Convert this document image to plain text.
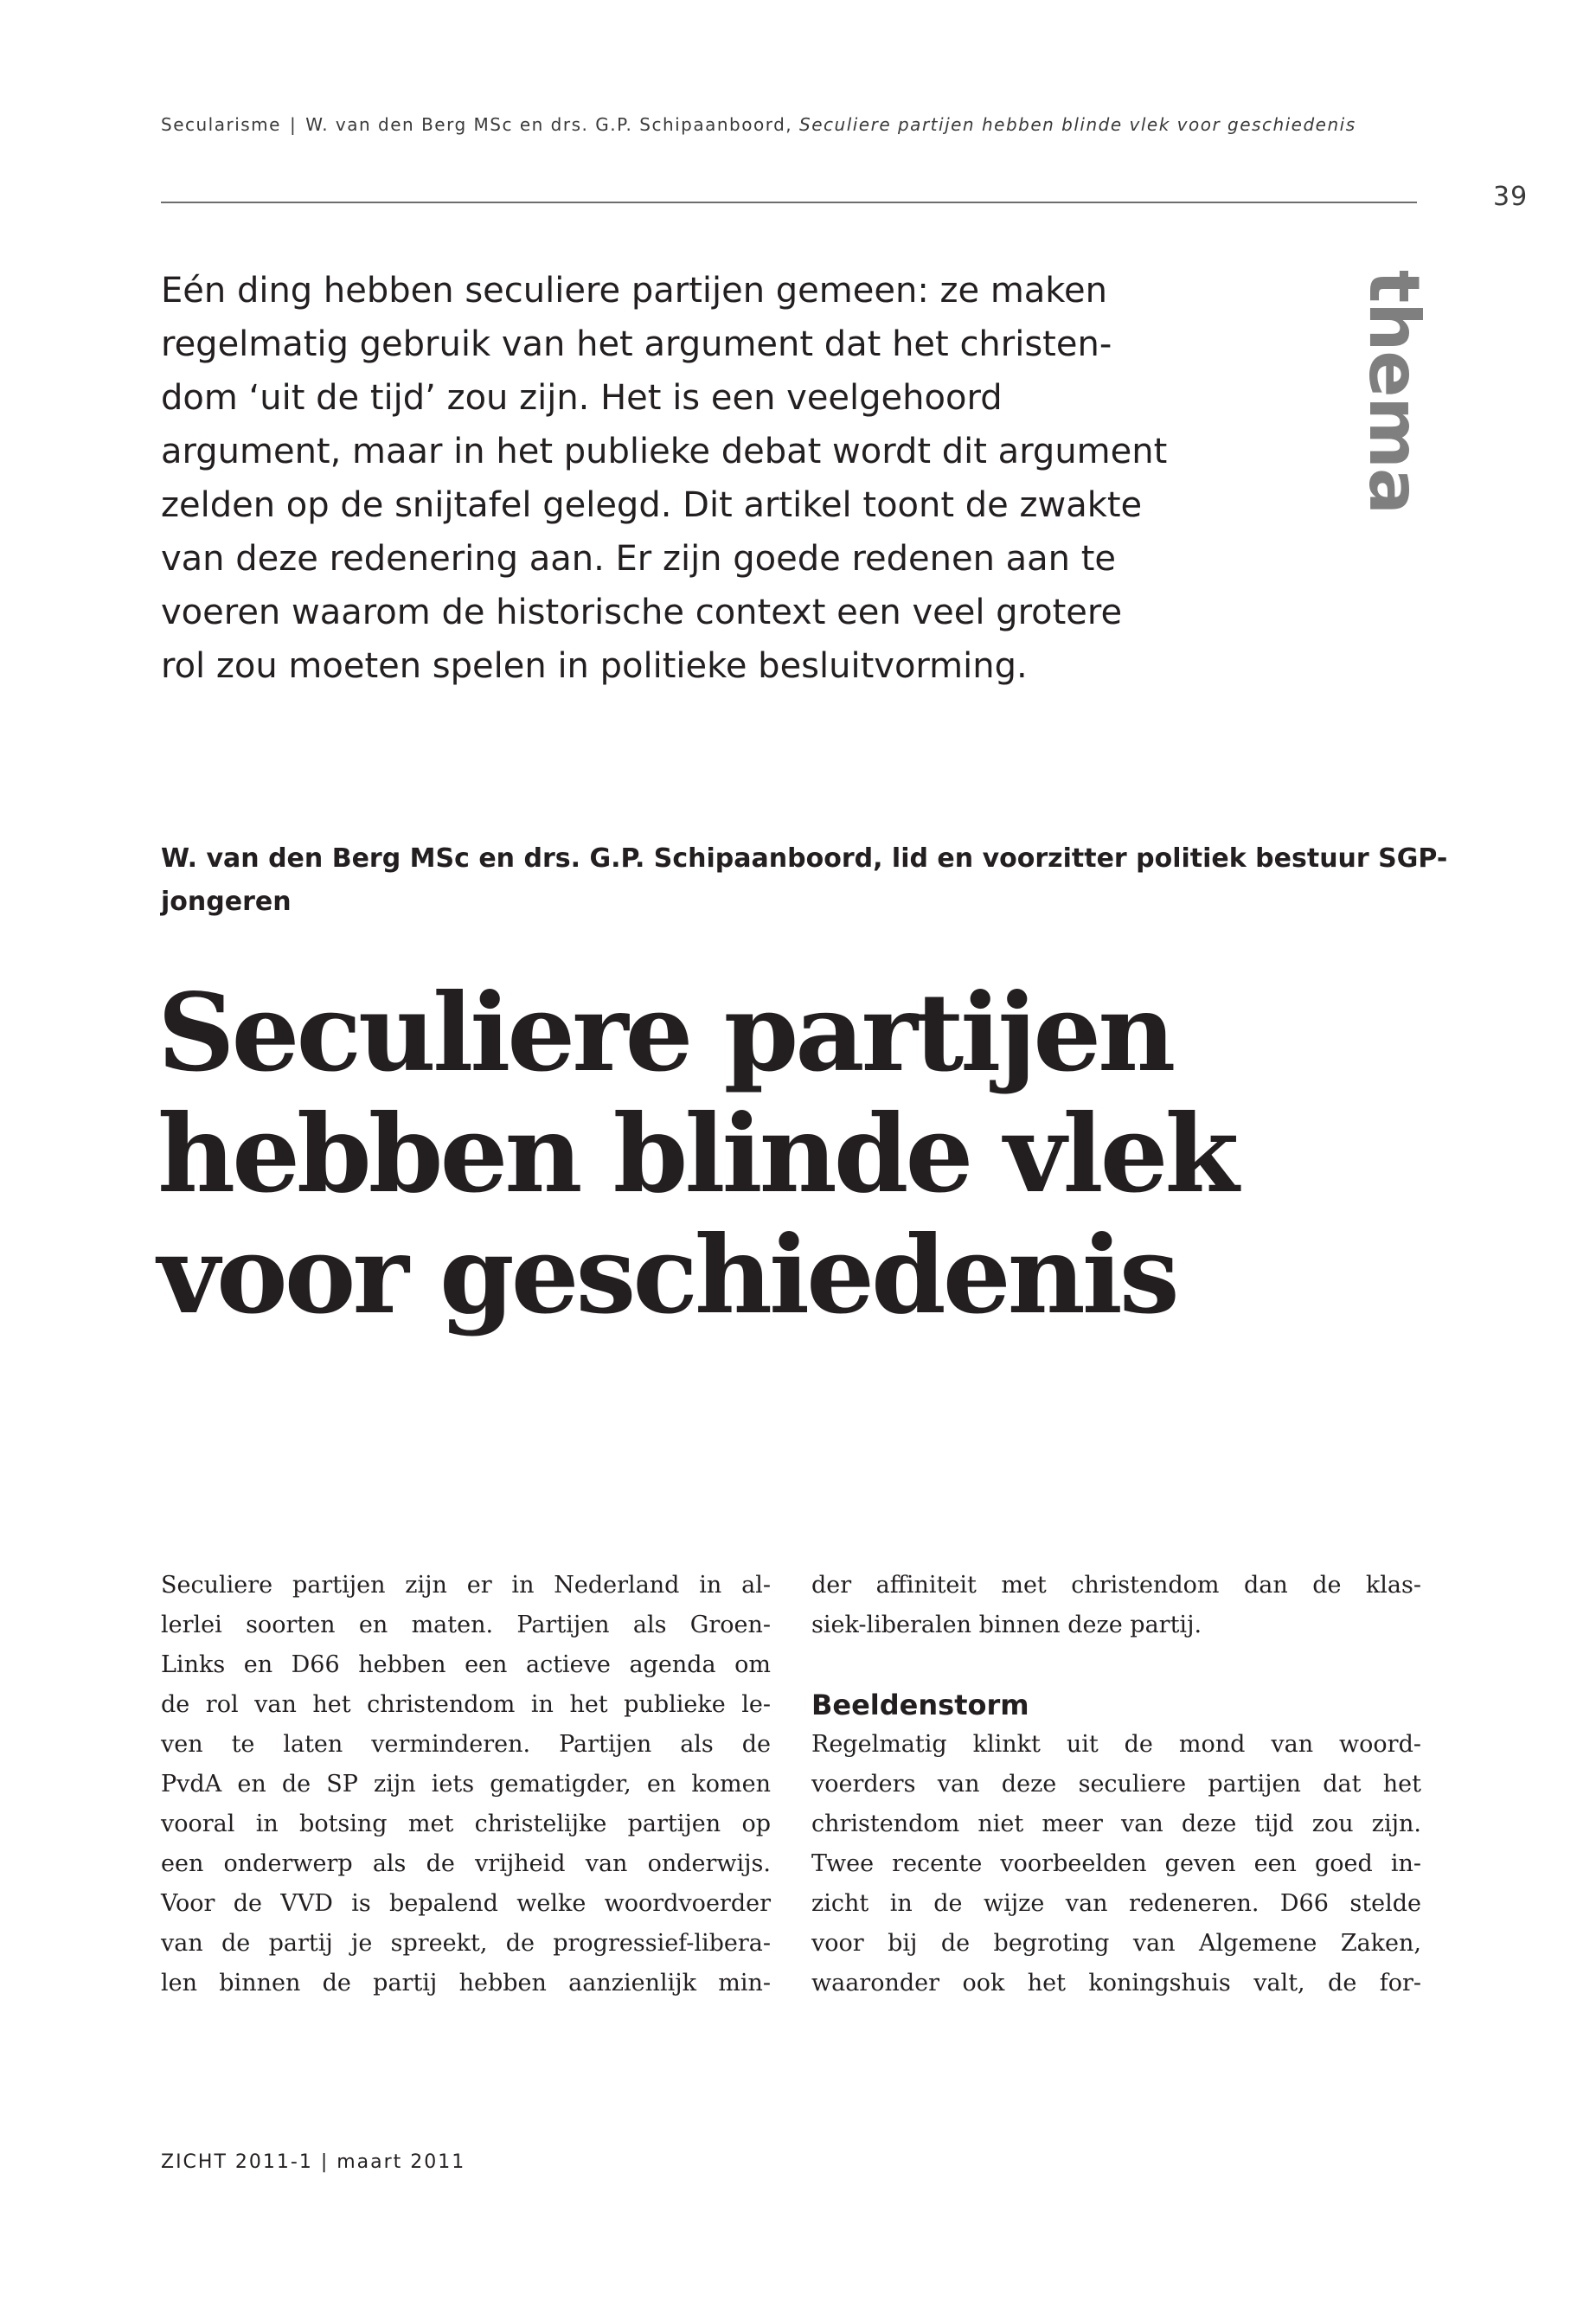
Secularisme | W. van den Berg MSc en drs. G.P. Schipaanboord, Seculiere partijen hebben blinde vlek voor geschiedenis
39
thema

Eén ding hebben seculiere partijen gemeen: ze maken
regelmatig gebruik van het argument dat het christen-
dom ‘uit de tijd’ zou zijn. Het is een veelgehoord
argument, maar in het publieke debat wordt dit argument
zelden op de snijtafel gelegd. Dit artikel toont de zwakte
van deze redenering aan. Er zijn goede redenen aan te
voeren waarom de historische context een veel grotere
rol zou moeten spelen in politieke besluitvorming.

W. van den Berg MSc en drs. G.P. Schipaanboord, lid en voorzitter politiek bestuur SGP-
jongeren

Seculiere partijen
hebben blinde vlek
voor geschiedenis
Seculiere partijen zijn er in Nederland in al-
lerlei soorten en maten. Partijen als Groen-
Links en D66 hebben een actieve agenda om
de rol van het christendom in het publieke le-
ven te laten verminderen. Partijen als de
PvdA en de SP zijn iets gematigder, en komen
vooral in botsing met christelijke partijen op
een onderwerp als de vrijheid van onderwijs.
Voor de VVD is bepalend welke woordvoerder
van de partij je spreekt, de progressief-libera-
len binnen de partij hebben aanzienlijk min-
der affiniteit met christendom dan de klas-
siek-liberalen binnen deze partij.
Beeldenstorm
Regelmatig klinkt uit de mond van woord-
voerders van deze seculiere partijen dat het
christendom niet meer van deze tijd zou zijn.
Twee recente voorbeelden geven een goed in-
zicht in de wijze van redeneren. D66 stelde
voor bij de begroting van Algemene Zaken,
waaronder ook het koningshuis valt, de for-
ZICHT 2011-1 | maart 2011
